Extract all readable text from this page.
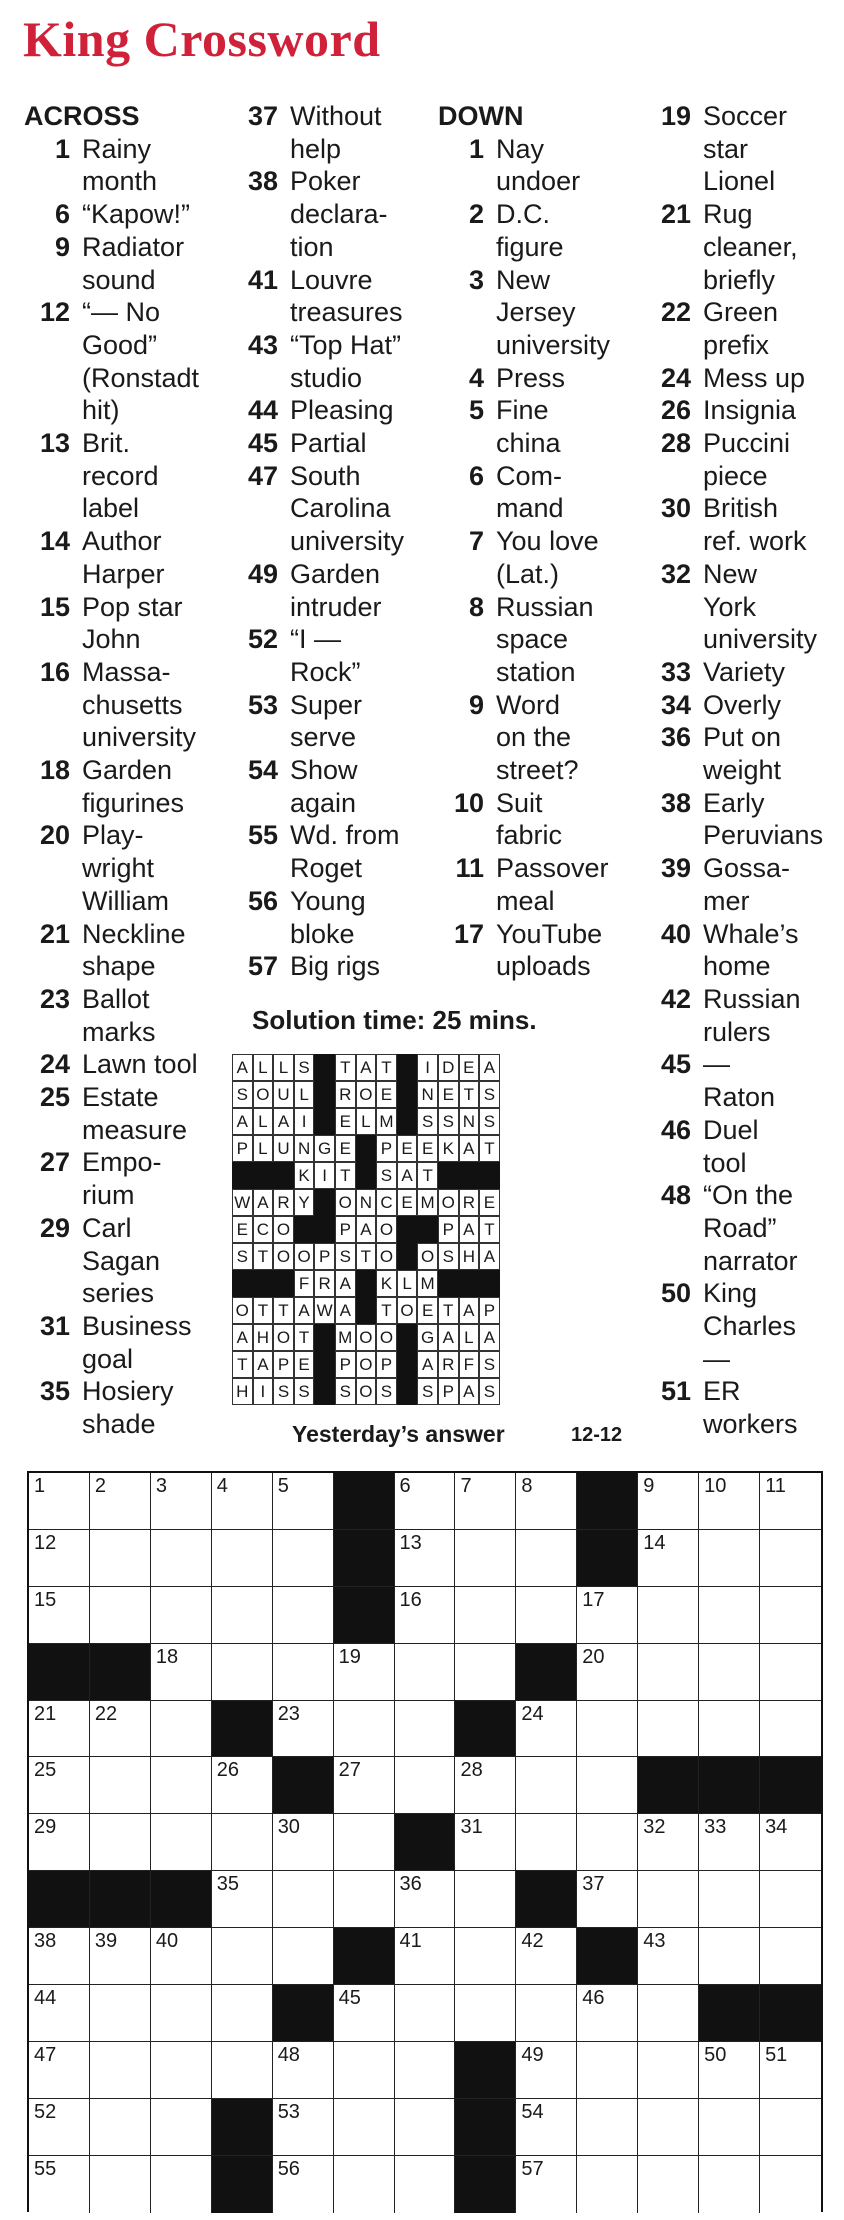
King Crossword
ACROSS
1 Rainy
month
6 “Kapow!”
9 Radiator
sound
12 “— No
Good”
(Ronstadt
hit)
13 Brit.
record
label
14 Author
Harper
15 Pop star
John
16 Massa-
chusetts
university
18 Garden
figurines
20 Play-
wright
William
21 Neckline
shape
23 Ballot
marks
24 Lawn tool
25 Estate
measure
27 Empo-
rium
29 Carl
Sagan
series
31 Business
goal
35 Hosiery
shade
37 Without
help
38 Poker
declara-
tion
41 Louvre
treasures
43 “Top Hat”
studio
44 Pleasing
45 Partial
47 South
Carolina
university
49 Garden
intruder
52 “I —
Rock”
53 Super
serve
54 Show
again
55 Wd. from
Roget
56 Young
bloke
57 Big rigs
DOWN
1 Nay
undoer
2 D.C.
figure
3 New
Jersey
university
4 Press
5 Fine
china
6 Com-
mand
7 You love
(Lat.)
8 Russian
space
station
9 Word
on the
street?
10 Suit
fabric
11 Passover
meal
17 YouTube
uploads
19 Soccer
star
Lionel
21 Rug
cleaner,
briefly
22 Green
prefix
24 Mess up
26 Insignia
28 Puccini
piece
30 British
ref. work
32 New
York
university
33 Variety
34 Overly
36 Put on
weight
38 Early
Peruvians
39 Gossa-
mer
40 Whale’s
home
42 Russian
rulers
45 —
Raton
46 Duel
tool
48 “On the
Road”
narrator
50 King
Charles
—
51 ER
workers
Solution time: 25 mins.
A L L S T A T	I D E A
S O U L	R O E N E T S
A L A I	E L M S S N S
P L U N G E P E E K A T
K I T	S A T
W A R Y O N C E M O R E
E C O	P A O	P A T
S T O O P S T O O S H A
F R A K L M
O T T A W A T O E T A P
A H O T	M O O G A L A
T A P E P O P A R F S
H I S S S O S S P A S
Yesterday’s answer	12-12
1 2 3 4 5	6 7 8	9 10 11
12	13	14
15	16	17
18	19	20
21 22	23	24
25	26	27	28
29	30	31	32 33 34
35	36	37
38 39 40	41	42	43
44	45	46
47	48	49	50 51
52	53	54
55	56	57
